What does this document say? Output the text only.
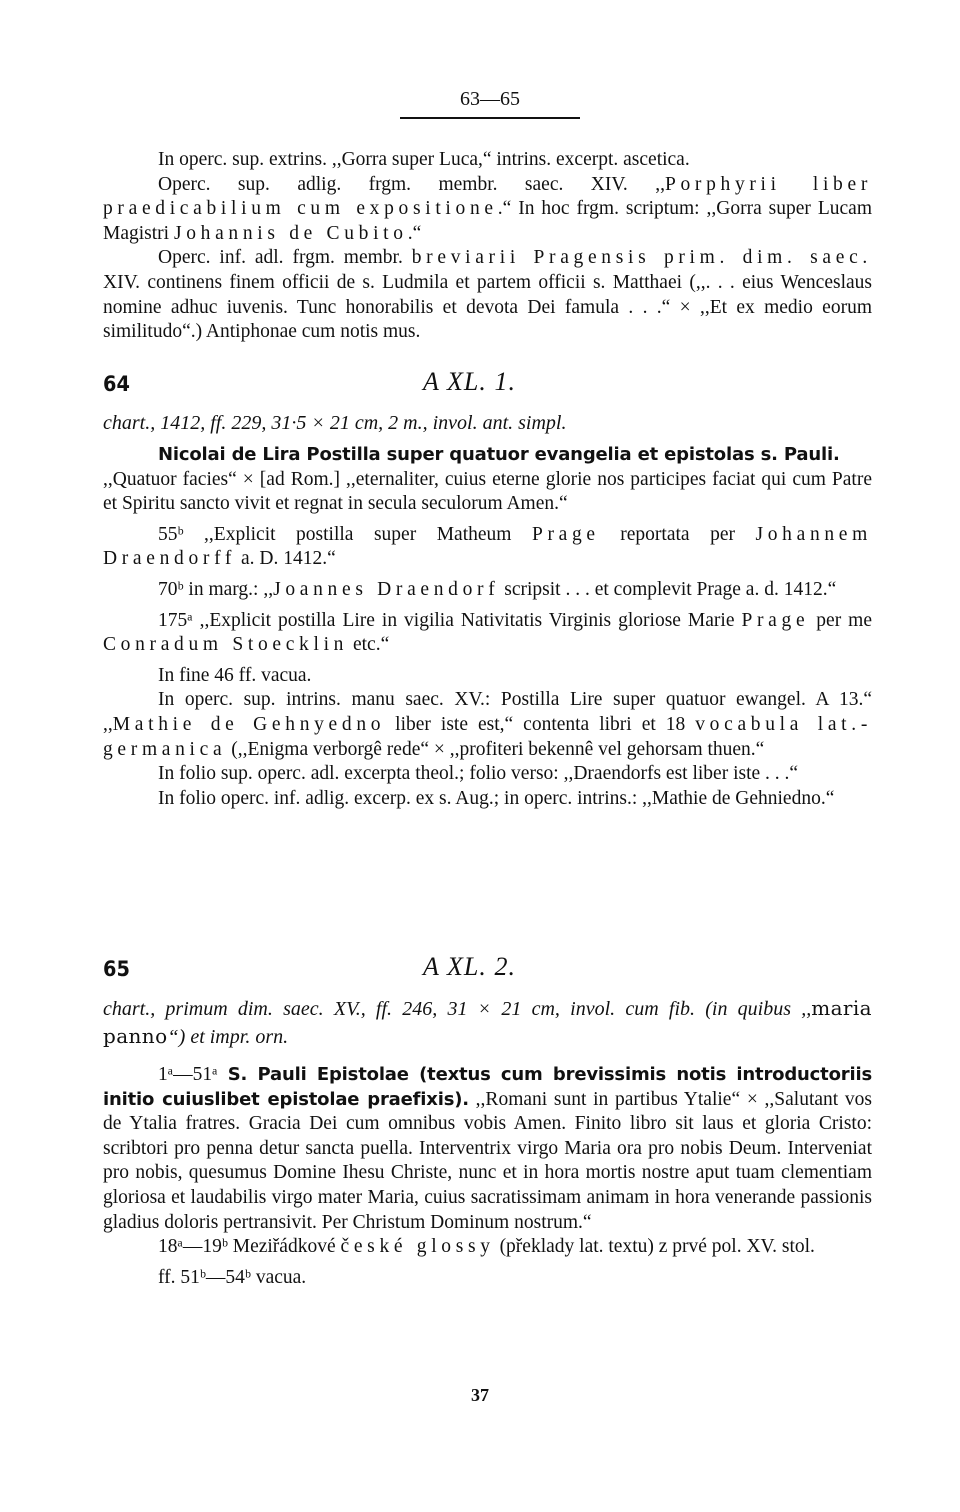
63—65

In operc. sup. extrins. ,,Gorra super Luca,“ intrins. excerpt. ascetica.

Operc. sup. adlig. frgm. membr. saec. XIV. ,,Porphyrii liber praedicabilium cum expositione.“ In hoc frgm. scriptum: ,,Gorra super Lucam Magistri Johannis de Cubito.“

Operc. inf. adl. frgm. membr. breviarii Pragensis prim. dim. saec. XIV. continens finem officii de s. Ludmila et partem officii s. Matthaei (,,. . . eius Wenceslaus nomine adhuc iuvenis. Tunc honorabilis et devota Dei famula . . .“ × ,,Et ex medio eorum similitudo“.) Antiphonae cum notis mus.

64	A XL. 1.

chart., 1412, ff. 229, 31·5 × 21 cm, 2 m., invol. ant. simpl.

Nicolai de Lira Postilla super quatuor evangelia et epistolas s. Pauli.

,,Quatuor facies“ × [ad Rom.] ,,eternaliter, cuius eterne glorie nos participes faciat qui cum Patre et Spiritu sancto vivit et regnat in secula seculorum Amen.“

55ᵇ ,,Explicit postilla super Matheum Prage reportata per Johannem Draendorff a. D. 1412.“

70ᵇ in marg.: ,,Joannes Draendorf scripsit . . . et complevit Prage a. d. 1412.“

175ᵃ ,,Explicit postilla Lire in vigilia Nativitatis Virginis gloriose Marie Prage per me Conradum Stoecklin etc.“

In fine 46 ff. vacua.

In operc. sup. intrins. manu saec. XV.: Postilla Lire super quatuor ewangel. A 13.“ ,,Mathie de Gehnyedno liber iste est,“ contenta libri et 18 vocabula lat.-germanica (,,Enigma verborgê rede“ × ,,profiteri bekennê vel gehorsam thuen.“

In folio sup. operc. adl. excerpta theol.; folio verso: ,,Draendorfs est liber iste . . .“

In folio operc. inf. adlig. excerp. ex s. Aug.; in operc. intrins.: ,,Mathie de Gehniedno.“

65	A XL. 2.

chart., primum dim. saec. XV., ff. 246, 31 × 21 cm, invol. cum fib. (in quibus ,,maria panno“) et impr. orn.

1ᵃ—51ᵃ S. Pauli Epistolae (textus cum brevissimis notis introductoriis initio cuiuslibet epistolae praefixis). ,,Romani sunt in partibus Ytalie“ × ,,Salutant vos de Ytalia fratres. Gracia Dei cum omnibus vobis Amen. Finito libro sit laus et gloria Cristo: scribtori pro penna detur sancta puella. Interventrix virgo Maria ora pro nobis Deum. Interveniat pro nobis, quesumus Domine Ihesu Christe, nunc et in hora mortis nostre aput tuam clementiam gloriosa et laudabilis virgo mater Maria, cuius sacratissimam animam in hora venerande passionis gladius doloris pertransivit. Per Christum Dominum nostrum.“

18ᵃ—19ᵇ Meziřádkové české glossy (překlady lat. textu) z prvé pol. XV. stol.

ff. 51ᵇ—54ᵇ vacua.

37
